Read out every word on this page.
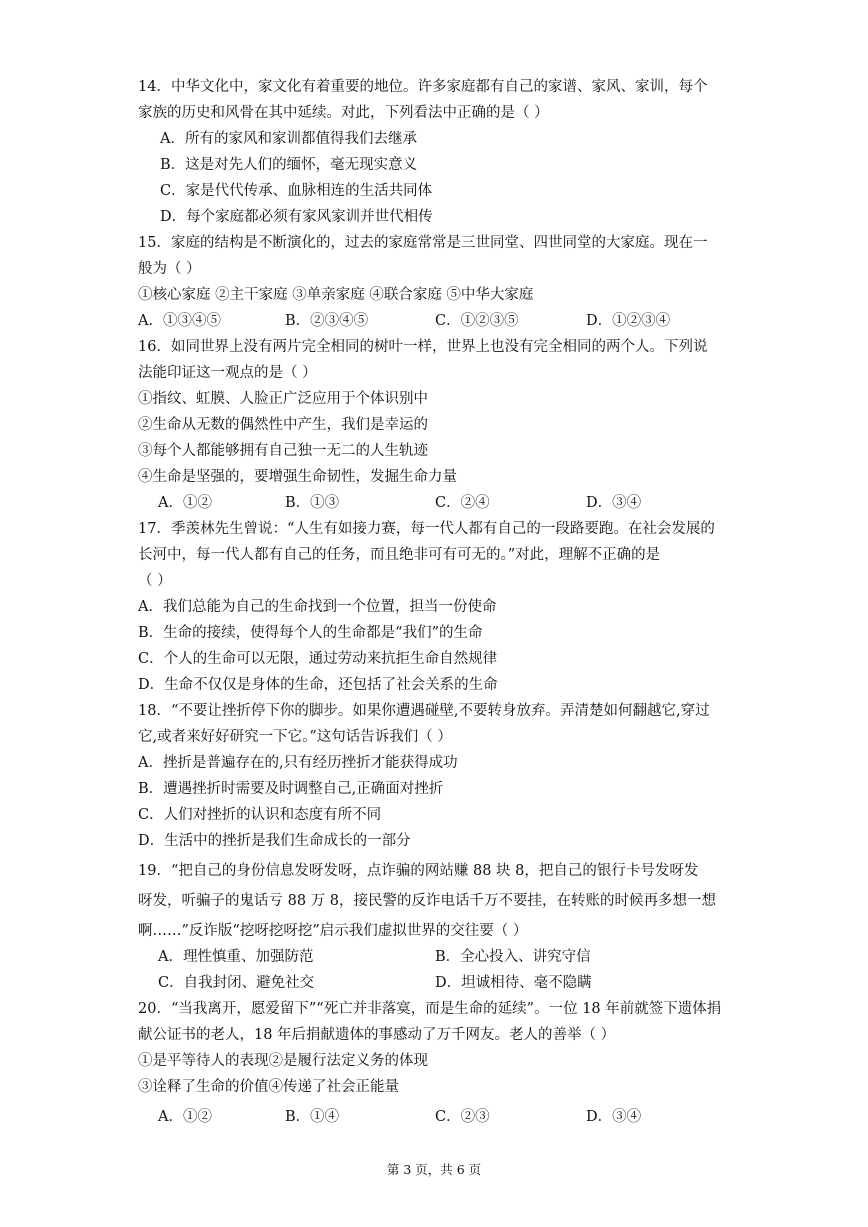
14．中华文化中，家文化有着重要的地位。许多家庭都有自己的家谱、家风、家训，每个
家族的历史和风骨在其中延续。对此，下列看法中正确的是（ ）
A．所有的家风和家训都值得我们去继承
B．这是对先人们的缅怀，毫无现实意义
C．家是代代传承、血脉相连的生活共同体
D．每个家庭都必须有家风家训并世代相传
15．家庭的结构是不断演化的，过去的家庭常常是三世同堂、四世同堂的大家庭。现在一
般为（ ）
①核心家庭 ②主干家庭 ③单亲家庭 ④联合家庭 ⑤中华大家庭
A．①③④⑤	B．②③④⑤	C．①②③⑤	D．①②③④
16．如同世界上没有两片完全相同的树叶一样，世界上也没有完全相同的两个人。下列说
法能印证这一观点的是（ ）
①指纹、虹膜、人脸正广泛应用于个体识别中
②生命从无数的偶然性中产生，我们是幸运的
③每个人都能够拥有自己独一无二的人生轨迹
④生命是坚强的，要增强生命韧性，发掘生命力量
A．①②	B．①③	C．②④	D．③④
17．季羡林先生曾说：“人生有如接力赛，每一代人都有自己的一段路要跑。在社会发展的
长河中，每一代人都有自己的任务，而且绝非可有可无的。”对此，理解不正确的是
（ ）
A．我们总能为自己的生命找到一个位置，担当一份使命
B．生命的接续，使得每个人的生命都是“我们”的生命
C．个人的生命可以无限，通过劳动来抗拒生命自然规律
D．生命不仅仅是身体的生命，还包括了社会关系的生命
18．“不要让挫折停下你的脚步。如果你遭遇碰壁,不要转身放弃。弄清楚如何翻越它,穿过
它,或者来好好研究一下它。”这句话告诉我们（ ）
A．挫折是普遍存在的,只有经历挫折才能获得成功
B．遭遇挫折时需要及时调整自己,正确面对挫折
C．人们对挫折的认识和态度有所不同
D．生活中的挫折是我们生命成长的一部分
19．“把自己的身份信息发呀发呀，点诈骗的网站赚 88 块 8，把自己的银行卡号发呀发
呀发，听骗子的鬼话亏 88 万 8，接民警的反诈电话千万不要挂，在转账的时候再多想一想
啊……”反诈版“挖呀挖呀挖”启示我们虚拟世界的交往要（ ）
A．理性慎重、加强防范	B．全心投入、讲究守信
C．自我封闭、避免社交	D．坦诚相待、毫不隐瞒
20．“当我离开，愿爱留下”“死亡并非落寞，而是生命的延续”。一位 18 年前就签下遗体捐
献公证书的老人，18 年后捐献遗体的事感动了万千网友。老人的善举（ ）
①是平等待人的表现②是履行法定义务的体现
③诠释了生命的价值④传递了社会正能量
A．①②	B．①④	C．②③	D．③④
第 3 页，共 6 页
